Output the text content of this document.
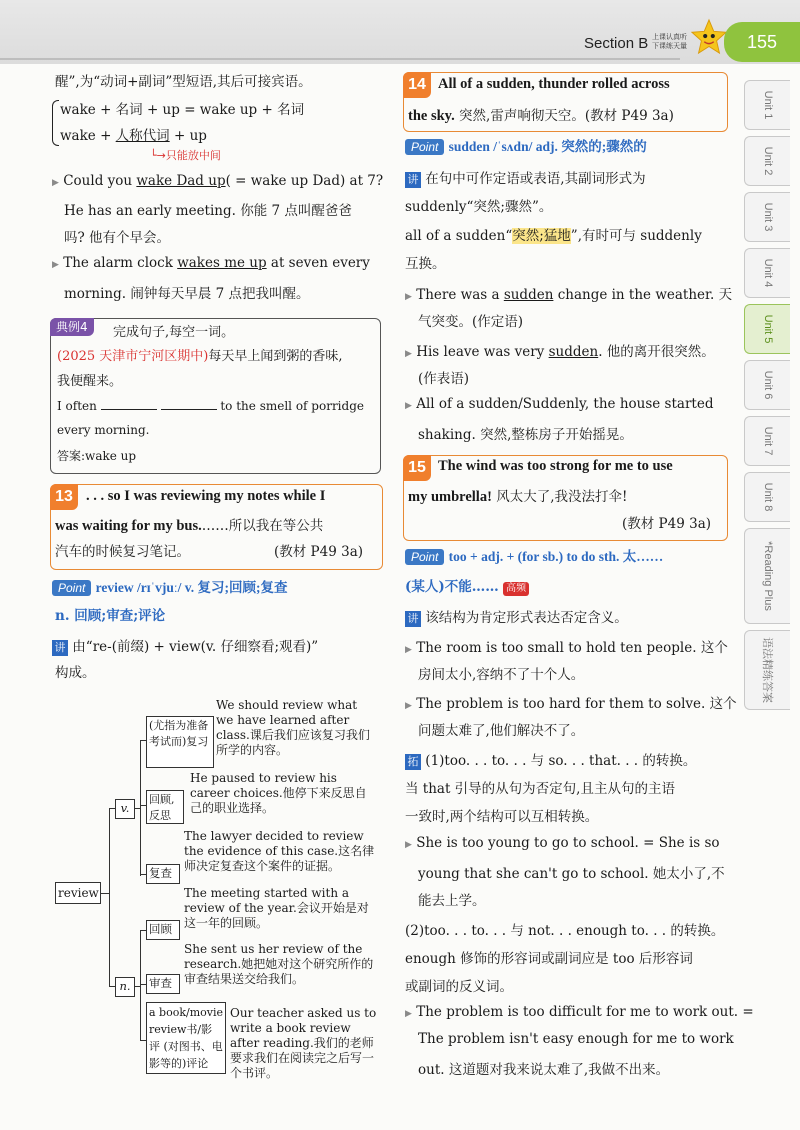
Section B 上课认真听
下课练天量	155
Unit 1
Unit 2
Unit 3
Unit 4
Unit 5
Unit 6
Unit 7
Unit 8
*Reading Plus
语法精练答案
醒”,为“动词+副词”型短语,其后可接宾语。
wake + 名词 + up = wake up + 名词
wake + 人称代词 + up
└→只能放中间
▶ Could you wake Dad up( = wake up Dad) at 7?
He has an early meeting. 你能 7 点叫醒爸爸
吗? 他有个早会。
▶ The alarm clock wakes me up at seven every
morning. 闹钟每天早晨 7 点把我叫醒。
典例4	完成句子,每空一词。
(2025 天津市宁河区期中)每天早上闻到粥的香味,
我便醒来。
I often	to the smell of porridge
every morning.
答案:wake up
13 . . . so I was reviewing my notes while I
was waiting for my bus.……所以我在等公共
汽车的时候复习笔记。	(教材 P49 3a)
Point review /rɪˈvjuː/ v. 复习;回顾;复查
n. 回顾;审查;评论
讲 由“re-(前缀) + view(v. 仔细察看;观看)”
构成。
review
v.
n.
(尤指为准备考试而)复习
We should review what we have learned after class.课后我们应该复习我们所学的内容。
回顾,反思
He paused to review his career choices.他停下来反思自己的职业选择。
复查
The lawyer decided to review the evidence of this case.这名律师决定复查这个案件的证据。
回顾
The meeting started with a review of the year.会议开始是对这一年的回顾。
审查
She sent us her review of the research.她把她对这个研究所作的审查结果送交给我们。
a book/movie review书/影评 (对图书、电影等的)评论
Our teacher asked us to write a book review after reading.我们的老师要求我们在阅读完之后写一个书评。
14 All of a sudden, thunder rolled across
the sky. 突然,雷声响彻天空。(教材 P49 3a)
Point sudden /ˈsʌdn/ adj. 突然的;骤然的
讲 在句中可作定语或表语,其副词形式为
suddenly“突然;骤然”。
all of a sudden“突然;猛地”,有时可与 suddenly
互换。
▶ There was a sudden change in the weather. 天
气突变。(作定语)
▶ His leave was very sudden. 他的离开很突然。
(作表语)
▶ All of a sudden/Suddenly, the house started
shaking. 突然,整栋房子开始摇晃。
15 The wind was too strong for me to use
my umbrella! 风太大了,我没法打伞!
(教材 P49 3a)
Point too + adj. + (for sb.) to do sth. 太……
(某人)不能…… 高频
讲 该结构为肯定形式表达否定含义。
▶ The room is too small to hold ten people. 这个
房间太小,容纳不了十个人。
▶ The problem is too hard for them to solve. 这个
问题太难了,他们解决不了。
拓 (1)too. . . to. . . 与 so. . . that. . . 的转换。
当 that 引导的从句为否定句,且主从句的主语
一致时,两个结构可以互相转换。
▶ She is too young to go to school. = She is so
young that she can't go to school. 她太小了,不
能去上学。
(2)too. . . to. . . 与 not. . . enough to. . . 的转换。
enough 修饰的形容词或副词应是 too 后形容词
或副词的反义词。
▶ The problem is too difficult for me to work out. =
The problem isn't easy enough for me to work
out. 这道题对我来说太难了,我做不出来。
